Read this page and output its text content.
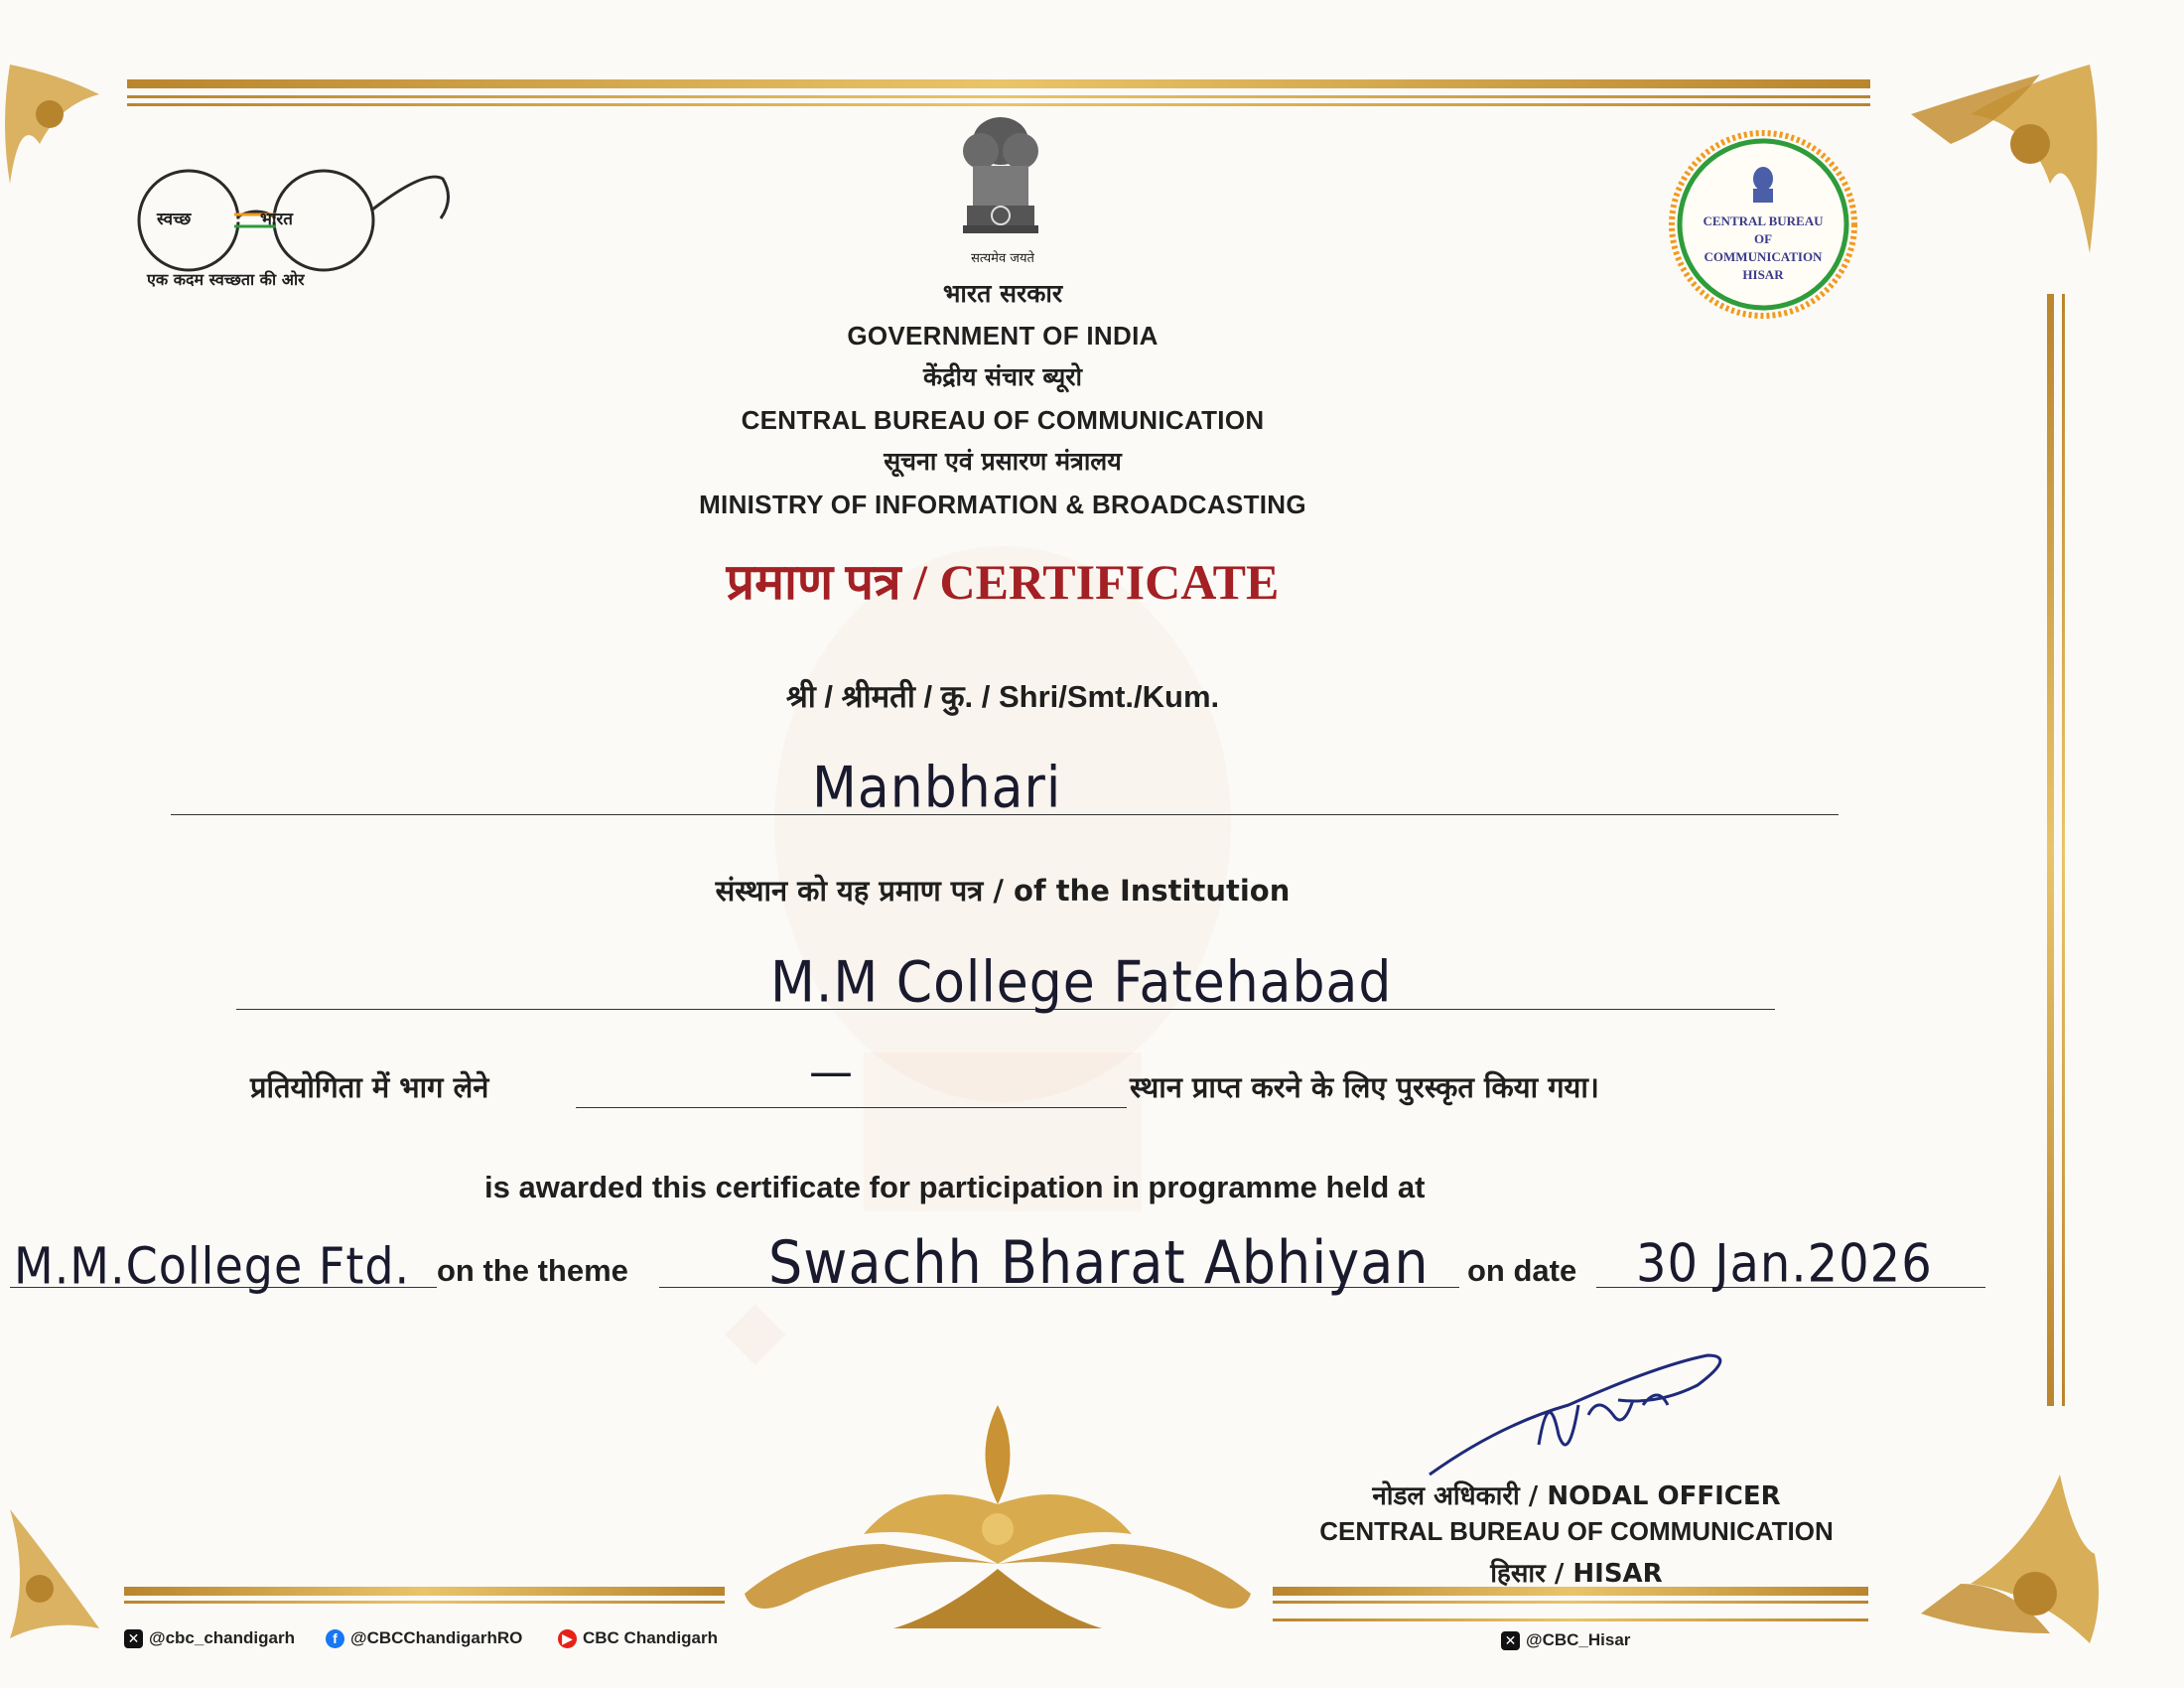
◆
स्वच्छ	भारत
एक कदम स्वच्छता की ओर
सत्यमेव जयते
भारत सरकार
GOVERNMENT OF INDIA
केंद्रीय संचार ब्यूरो
CENTRAL BUREAU OF COMMUNICATION
सूचना एवं प्रसारण मंत्रालय
MINISTRY OF INFORMATION & BROADCASTING
प्रमाण पत्र / CERTIFICATE
CENTRAL BUREAU
OF
COMMUNICATION
HISAR
श्री / श्रीमती / कु. / Shri/Smt./Kum.
Manbhari
संस्थान को यह प्रमाण पत्र / of the Institution
M.M College Fatehabad
प्रतियोगिता में भाग लेने	—	स्थान प्राप्त करने के लिए पुरस्कृत किया गया।
is awarded this certificate for participation in programme held at
M.M.College Ftd. on the theme	Swachh Bharat Abhiyan on date 30 Jan.2026
नोडल अधिकारी / NODAL OFFICER
CENTRAL BUREAU OF COMMUNICATION
हिसार / HISAR
✕ @cbc_chandigarh	f @CBCChandigarhRO	▶ CBC Chandigarh	✕ @CBC_Hisar
